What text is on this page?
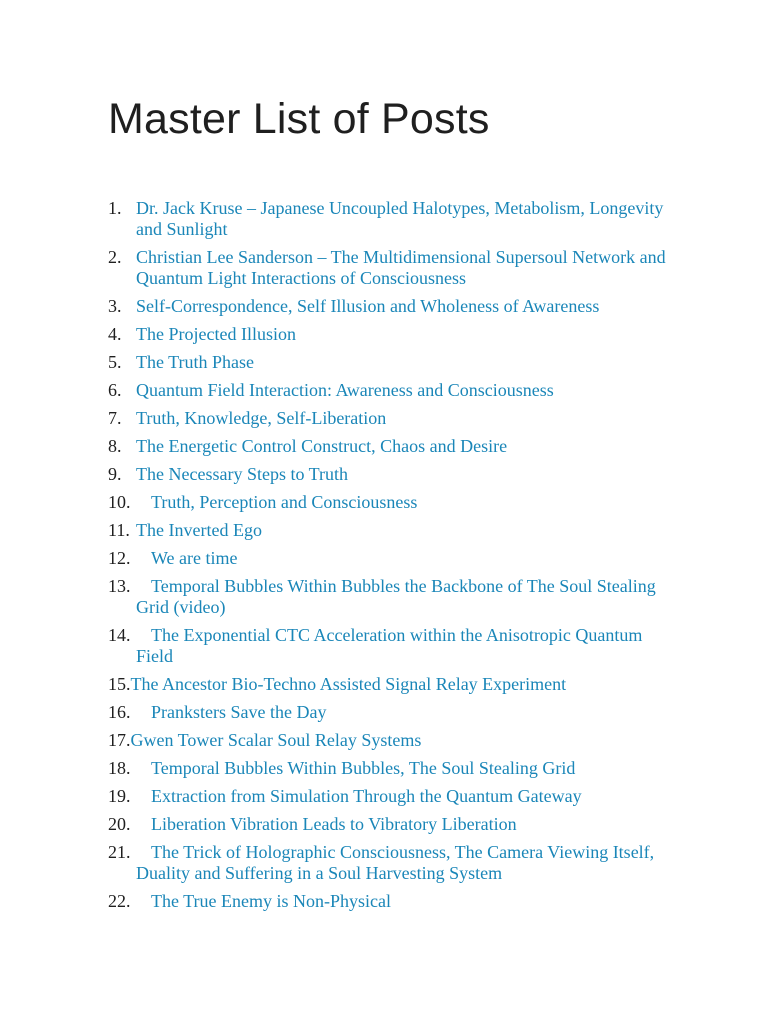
Master List of Posts
1. Dr. Jack Kruse – Japanese Uncoupled Halotypes, Metabolism, Longevity and Sunlight
2. Christian Lee Sanderson – The Multidimensional Supersoul Network and Quantum Light Interactions of Consciousness
3. Self-Correspondence, Self Illusion and Wholeness of Awareness
4. The Projected Illusion
5. The Truth Phase
6. Quantum Field Interaction: Awareness and Consciousness
7. Truth, Knowledge, Self-Liberation
8. The Energetic Control Construct, Chaos and Desire
9. The Necessary Steps to Truth
10.	Truth, Perception and Consciousness
11. The Inverted Ego
12.	We are time
13.	Temporal Bubbles Within Bubbles the Backbone of The Soul Stealing Grid (video)
14.	The Exponential CTC Acceleration within the Anisotropic Quantum Field
15. The Ancestor Bio-Techno Assisted Signal Relay Experiment
16.	Pranksters Save the Day
17. Gwen Tower Scalar Soul Relay Systems
18.	Temporal Bubbles Within Bubbles, The Soul Stealing Grid
19.	Extraction from Simulation Through the Quantum Gateway
20.	Liberation Vibration Leads to Vibratory Liberation
21.	The Trick of Holographic Consciousness, The Camera Viewing Itself, Duality and Suffering in a Soul Harvesting System
22.	The True Enemy is Non-Physical
